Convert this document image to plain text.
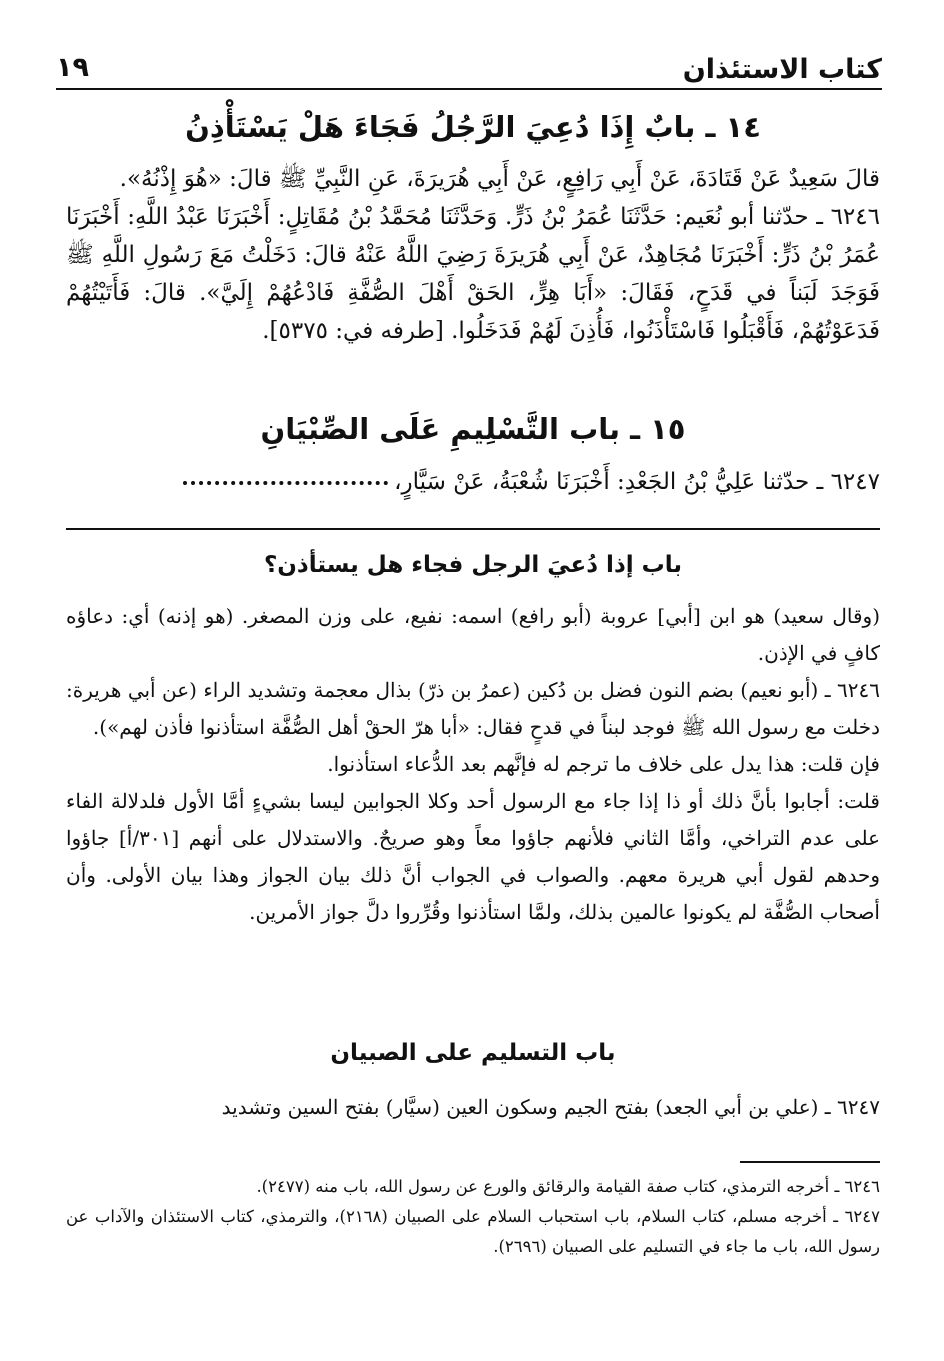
كتاب الاستئذان
١٩
١٤ ـ بابٌ إِذَا دُعِيَ الرَّجُلُ فَجَاءَ هَلْ يَسْتَأْذِنُ

قالَ سَعِيدٌ عَنْ قَتَادَةَ، عَنْ أَبِي رَافِعٍ، عَنْ أَبِي هُرَيرَةَ، عَنِ النَّبِيِّ ﷺ قالَ: «هُوَ إِذْنُهُ».

٦٢٤٦ ـ حدّثنا أبو نُعَيم: حَدَّثَنَا عُمَرُ بْنُ ذَرٍّ. وَحَدَّثَنَا مُحَمَّدُ بْنُ مُقَاتِلٍ: أَخْبَرَنَا عَبْدُ اللَّهِ: أَخْبَرَنَا عُمَرُ بْنُ ذَرٍّ: أَخْبَرَنَا مُجَاهِدٌ، عَنْ أَبِي هُرَيرَةَ رَضِيَ اللَّهُ عَنْهُ قالَ: دَخَلْتُ مَعَ رَسُولِ اللَّهِ ﷺ فَوَجَدَ لَبَناً في قَدَحٍ، فَقَالَ: «أَبَا هِرٍّ، الحَقْ أَهْلَ الصُّفَّةِ فَادْعُهُمْ إِلَيَّ». قالَ: فَأَتَيْتُهُمْ فَدَعَوْتُهُمْ، فَأَقْبَلُوا فَاسْتَأْذَنُوا، فَأُذِنَ لَهُمْ فَدَخَلُوا. [طرفه في: ٥٣٧٥].

١٥ ـ باب التَّسْلِيمِ عَلَى الصِّبْيَانِ

٦٢٤٧ ـ حدّثنا عَلِيُّ بْنُ الجَعْدِ: أَخْبَرَنَا شُعْبَةُ، عَنْ سَيَّارٍ،

باب إذا دُعيَ الرجل فجاء هل يستأذن؟

(وقال سعيد) هو ابن [أبي] عروبة (أبو رافع) اسمه: نفيع، على وزن المصغر. (هو إذنه) أي: دعاؤه كافٍ في الإذن.

٦٢٤٦ ـ (أبو نعيم) بضم النون فضل بن دُكين (عمرُ بن ذرّ) بذال معجمة وتشديد الراء (عن أبي هريرة: دخلت مع رسول الله ﷺ فوجد لبناً في قدحٍ فقال: «أبا هرّ الحقْ أهل الصُّفَّة استأذنوا فأذن لهم»).

فإن قلت: هذا يدل على خلاف ما ترجم له فإنَّهم بعد الدُّعاء استأذنوا.

قلت: أجابوا بأنَّ ذلك أو ذا إذا جاء مع الرسول أحد وكلا الجوابين ليسا بشيءٍ أمَّا الأول فلدلالة الفاء على عدم التراخي، وأمَّا الثاني فلأنهم جاؤوا معاً وهو صريحٌ. والاستدلال على أنهم [٣٠١/أ] جاؤوا وحدهم لقول أبي هريرة معهم. والصواب في الجواب أنَّ ذلك بيان الجواز وهذا بيان الأولى. وأن أصحاب الصُّفَّة لم يكونوا عالمين بذلك، ولمَّا استأذنوا وقُرِّروا دلَّ جواز الأمرين.

باب التسليم على الصبيان

٦٢٤٧ ـ (علي بن أبي الجعد) بفتح الجيم وسكون العين (سيَّار) بفتح السين وتشديد

٦٢٤٦ ـ أخرجه الترمذي، كتاب صفة القيامة والرقائق والورع عن رسول الله، باب منه (٢٤٧٧).

٦٢٤٧ ـ أخرجه مسلم، كتاب السلام، باب استحباب السلام على الصبيان (٢١٦٨)، والترمذي، كتاب الاستئذان والآداب عن رسول الله، باب ما جاء في التسليم على الصبيان (٢٦٩٦).
